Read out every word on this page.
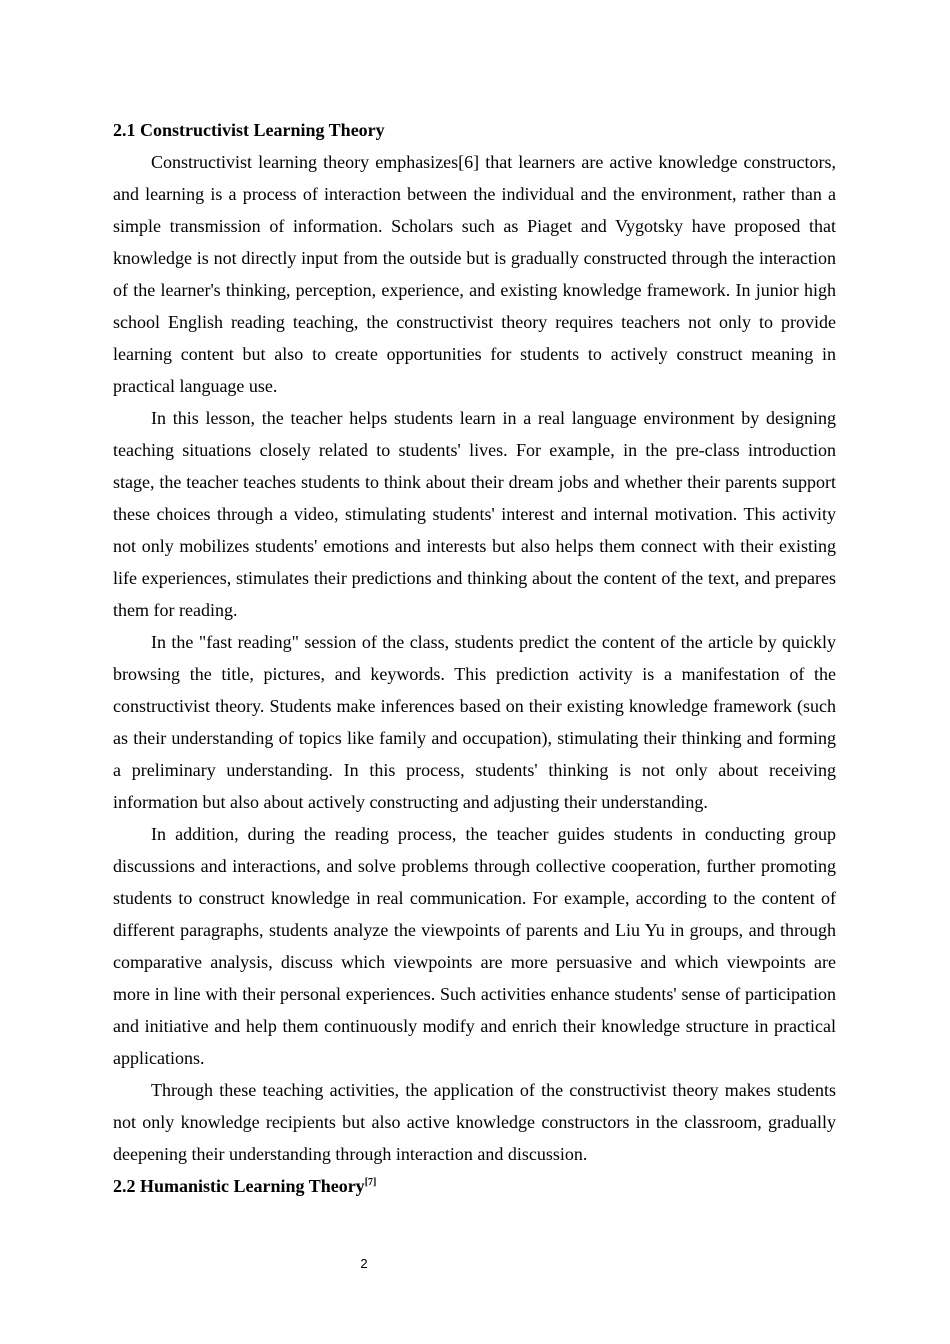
2.1 Constructivist Learning Theory

Constructivist learning theory emphasizes[6] that learners are active knowledge constructors, and learning is a process of interaction between the individual and the environment, rather than a simple transmission of information. Scholars such as Piaget and Vygotsky have proposed that knowledge is not directly input from the outside but is gradually constructed through the interaction of the learner's thinking, perception, experience, and existing knowledge framework. In junior high school English reading teaching, the constructivist theory requires teachers not only to provide learning content but also to create opportunities for students to actively construct meaning in practical language use.

In this lesson, the teacher helps students learn in a real language environment by designing teaching situations closely related to students' lives. For example, in the pre-class introduction stage, the teacher teaches students to think about their dream jobs and whether their parents support these choices through a video, stimulating students' interest and internal motivation. This activity not only mobilizes students' emotions and interests but also helps them connect with their existing life experiences, stimulates their predictions and thinking about the content of the text, and prepares them for reading.

In the "fast reading" session of the class, students predict the content of the article by quickly browsing the title, pictures, and keywords. This prediction activity is a manifestation of the constructivist theory. Students make inferences based on their existing knowledge framework (such as their understanding of topics like family and occupation), stimulating their thinking and forming a preliminary understanding. In this process, students' thinking is not only about receiving information but also about actively constructing and adjusting their understanding.

In addition, during the reading process, the teacher guides students in conducting group discussions and interactions, and solve problems through collective cooperation, further promoting students to construct knowledge in real communication. For example, according to the content of different paragraphs, students analyze the viewpoints of parents and Liu Yu in groups, and through comparative analysis, discuss which viewpoints are more persuasive and which viewpoints are more in line with their personal experiences. Such activities enhance students' sense of participation and initiative and help them continuously modify and enrich their knowledge structure in practical applications.

Through these teaching activities, the application of the constructivist theory makes students not only knowledge recipients but also active knowledge constructors in the classroom, gradually deepening their understanding through interaction and discussion.

2.2 Humanistic Learning Theory[7]
2
